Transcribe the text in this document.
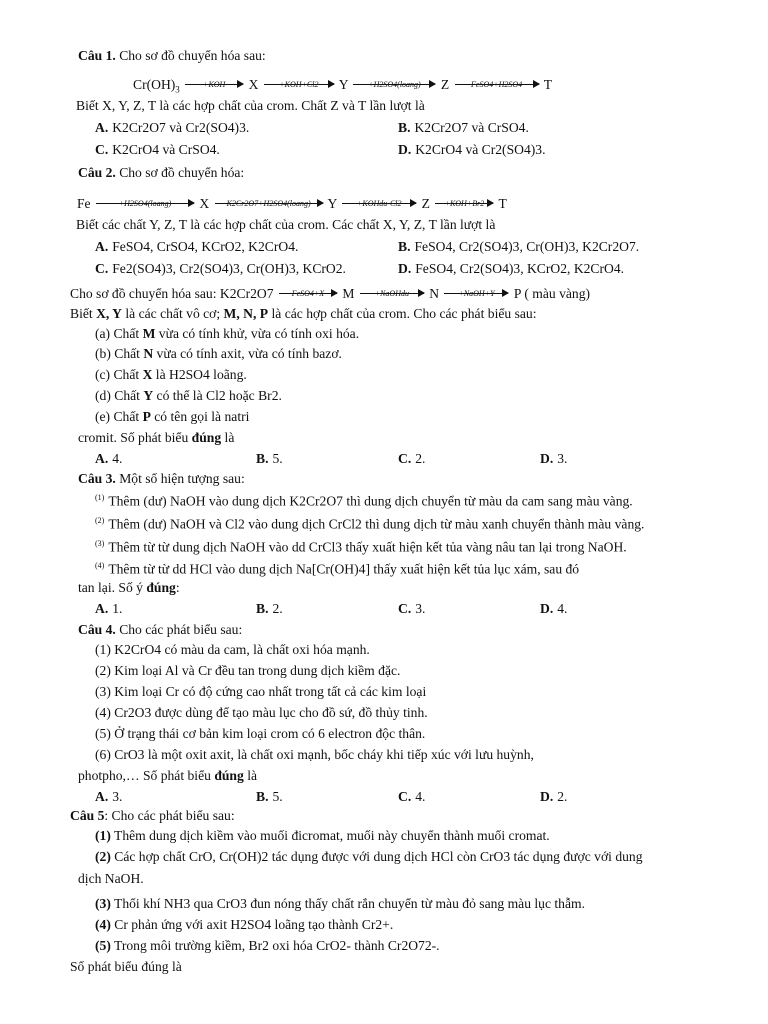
Câu 1. Cho sơ đồ chuyển hóa sau:
$Cr(OH)_3$	X	Y	Z	T
Biết X, Y, Z, T là các hợp chất của crom. Chất Z và T lần lượt là
A. K2Cr2O7 và Cr2(SO4)3.	B. K2Cr2O7 và CrSO4.
C. K2CrO4 và CrSO4.	D. K2CrO4 và Cr2(SO4)3.
Câu 2. Cho sơ đồ chuyển hóa:
Fe	X	Y	Z	T
Biết các chất Y, Z, T là các hợp chất của crom. Các chất X, Y, Z, T lần lượt là
A. FeSO4, CrSO4, KCrO2, K2CrO4.	B. FeSO4, Cr2(SO4)3, Cr(OH)3, K2Cr2O7.
C. Fe2(SO4)3, Cr2(SO4)3, Cr(OH)3, KCrO2.	D. FeSO4, Cr2(SO4)3, KCrO2, K2CrO4.
Cho sơ đồ chuyển hóa sau: K2Cr2O7	M	N	P ( màu vàng)
Biết X, Y là các chất vô cơ; M, N, P là các hợp chất của crom. Cho các phát biểu sau:
(a) Chất M vừa có tính khử, vừa có tính oxi hóa.
(b) Chất N vừa có tính axit, vừa có tính bazơ.
(c) Chất X là H2SO4 loãng.
(d) Chất Y có thể là Cl2 hoặc Br2.
(e) Chất P có tên gọi là natri
cromit. Số phát biểu đúng là
A. 4.	B. 5.	C. 2.	D. 3.
Câu 3. Một số hiện tượng sau:
$^{(1)}$ Thêm (dư) NaOH vào dung dịch K2Cr2O7 thì dung dịch chuyển từ màu da cam sang màu vàng.
$^{(2)}$ Thêm (dư) NaOH và Cl2 vào dung dịch CrCl2 thì dung dịch từ màu xanh chuyển thành màu vàng.
$^{(3)}$ Thêm từ từ dung dịch NaOH vào dd CrCl3 thấy xuất hiện kết tủa vàng nâu tan lại trong NaOH.
$^{(4)}$ Thêm từ từ dd HCl vào dung dịch Na[Cr(OH)4] thấy xuất hiện kết tủa lục xám, sau đó
tan lại. Số ý đúng:
A. 1.	B. 2.	C. 3.	D. 4.
Câu 4. Cho các phát biểu sau:
(1) K2CrO4 có màu da cam, là chất oxi hóa mạnh.
(2) Kim loại Al và Cr đều tan trong dung dịch kiềm đặc.
(3) Kim loại Cr có độ cứng cao nhất trong tất cả các kim loại
(4) Cr2O3 được dùng để tạo màu lục cho đồ sứ, đồ thủy tinh.
(5) Ở trạng thái cơ bản kim loại crom có 6 electron độc thân.
(6) CrO3 là một oxit axit, là chất oxi mạnh, bốc cháy khi tiếp xúc với lưu huỳnh,
photpho,… Số phát biểu đúng là
A. 3.	B. 5.	C. 4.	D. 2.
Câu 5: Cho các phát biểu sau:
(1) Thêm dung dịch kiềm vào muối đicromat, muối này chuyển thành muối cromat.
(2) Các hợp chất CrO, Cr(OH)2 tác dụng được với dung dịch HCl còn CrO3 tác dụng được với dung
dịch NaOH.
(3) Thổi khí NH3 qua CrO3 đun nóng thấy chất rắn chuyển từ màu đỏ sang màu lục thẫm.
(4) Cr phản ứng với axit H2SO4 loãng tạo thành Cr2+.
(5) Trong môi trường kiềm, Br2 oxi hóa CrO2- thành Cr2O72-.
Số phát biểu đúng là
